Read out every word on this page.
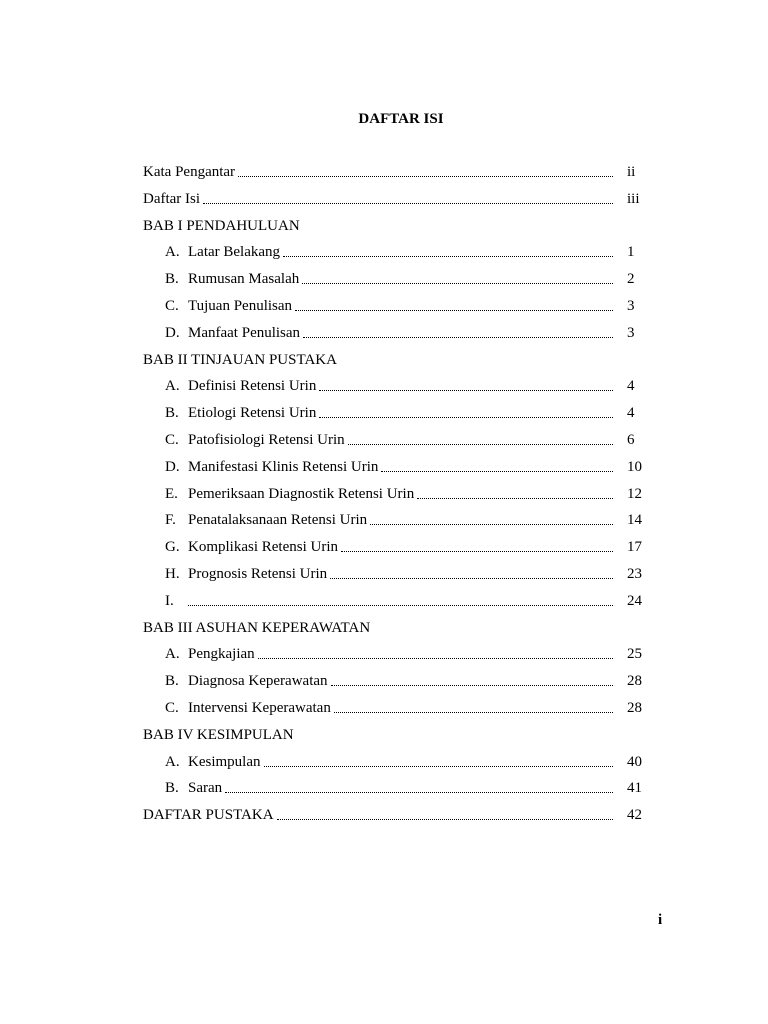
DAFTAR ISI
Kata Pengantar	ii
Daftar Isi	iii
BAB I PENDAHULUAN
A. Latar Belakang	1
B. Rumusan Masalah	2
C. Tujuan Penulisan	3
D. Manfaat Penulisan	3
BAB II TINJAUAN PUSTAKA
A. Definisi Retensi Urin	4
B. Etiologi Retensi Urin	4
C. Patofisiologi Retensi Urin	6
D. Manifestasi Klinis Retensi Urin	10
E. Pemeriksaan Diagnostik Retensi Urin	12
F. Penatalaksanaan Retensi Urin	14
G. Komplikasi Retensi Urin	17
H. Prognosis Retensi Urin	23
I.	24
BAB III ASUHAN KEPERAWATAN
A. Pengkajian	25
B. Diagnosa Keperawatan	28
C. Intervensi Keperawatan	28
BAB IV KESIMPULAN
A. Kesimpulan	40
B. Saran	41
DAFTAR PUSTAKA	42
i
